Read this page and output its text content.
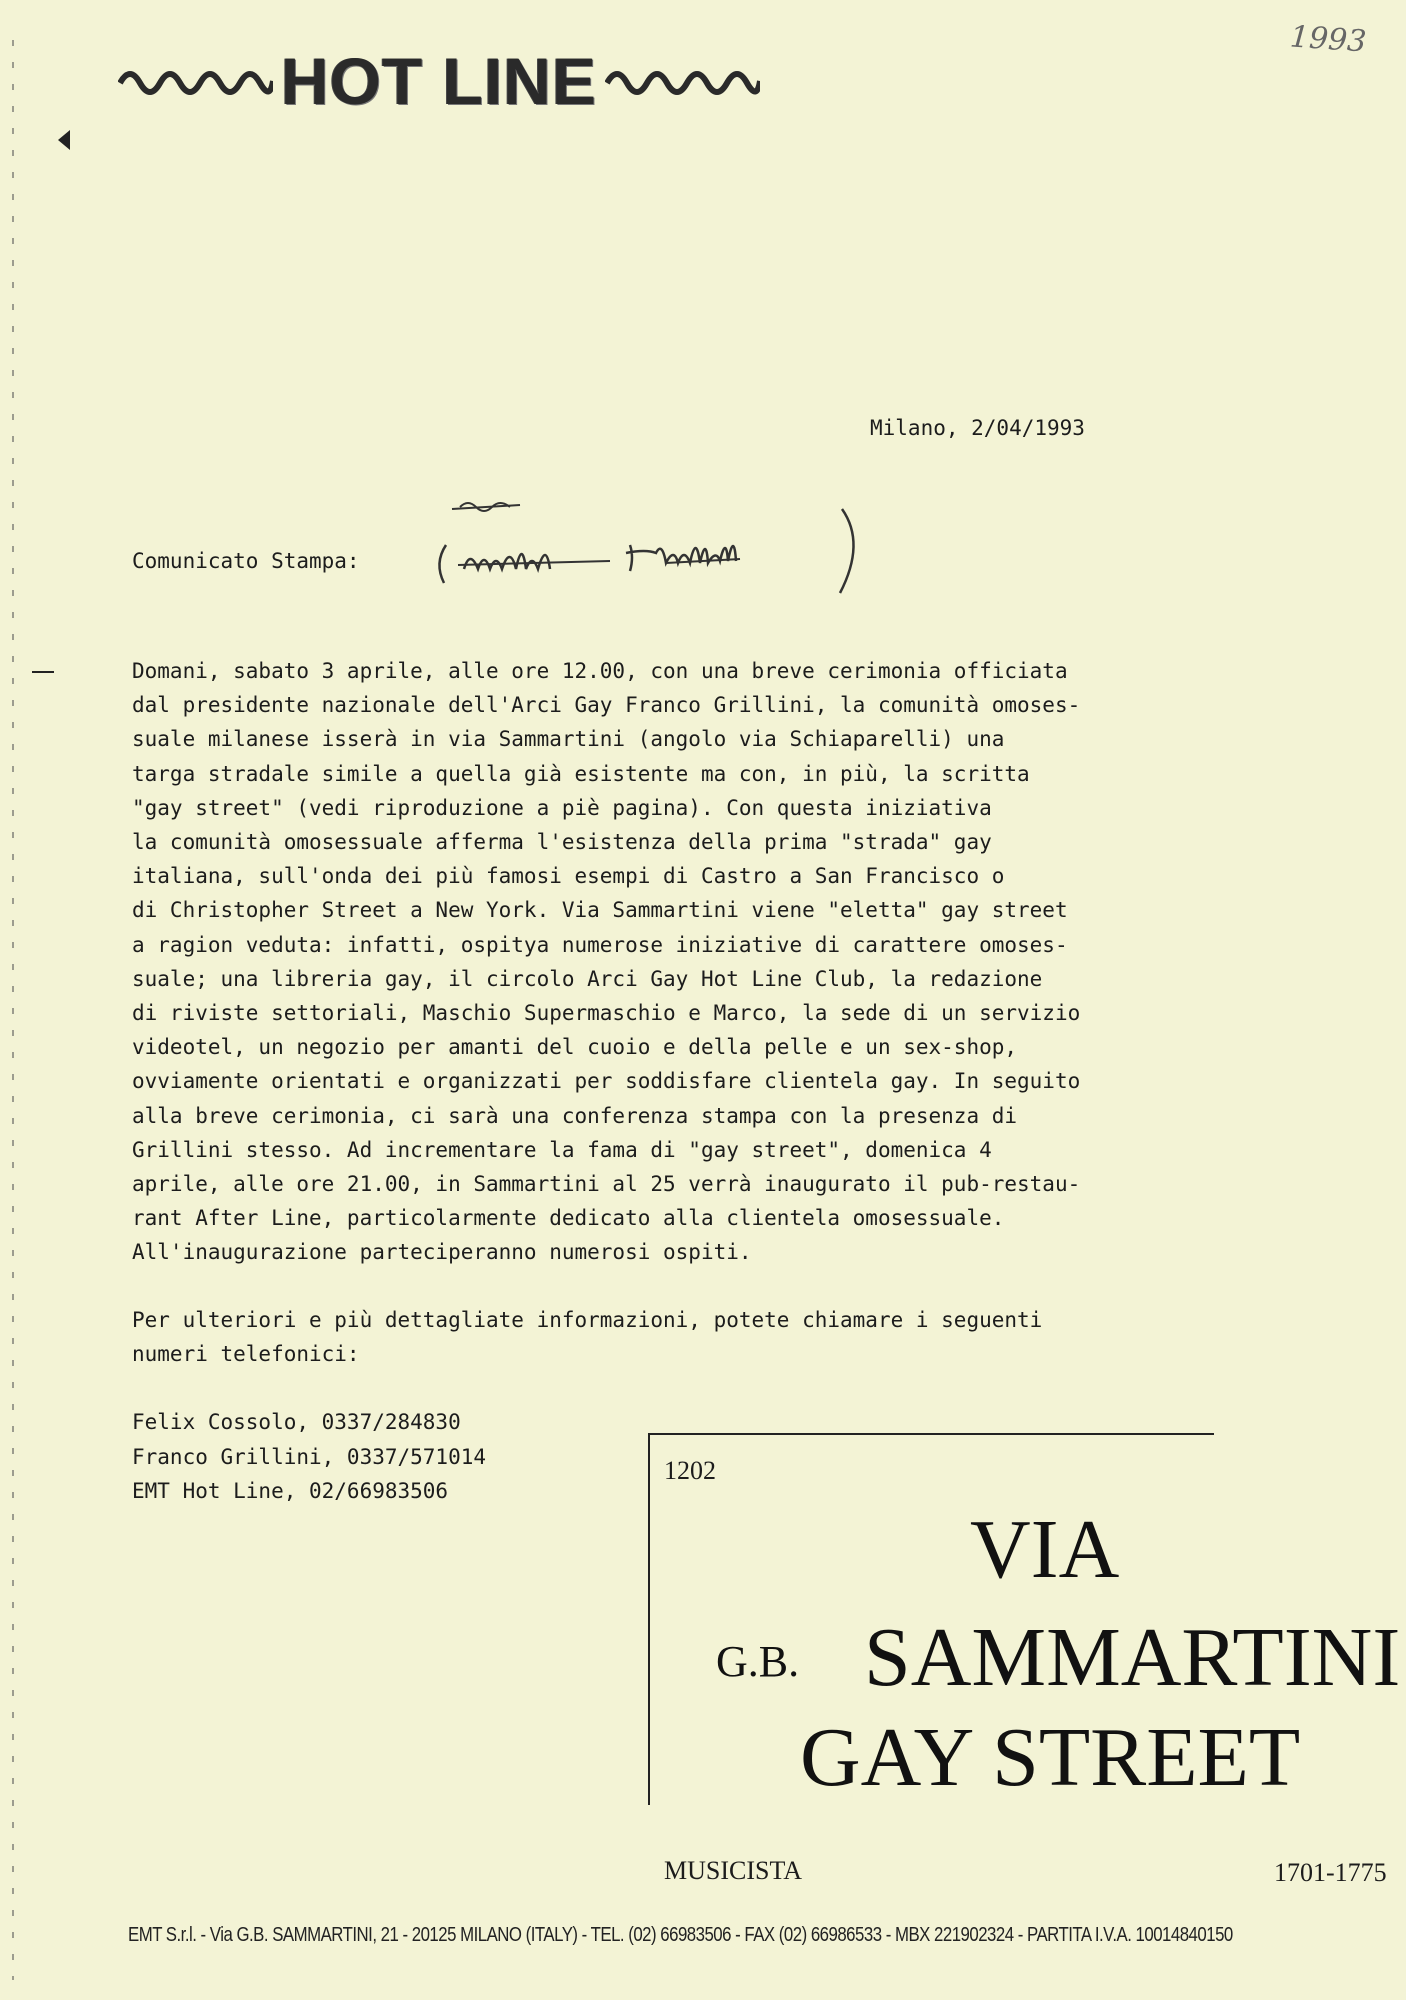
1993
HOT LINE
Milano, 2/04/1993
Comunicato Stampa:
Domani, sabato 3 aprile, alle ore 12.00, con una breve cerimonia officiata
dal presidente nazionale dell'Arci Gay Franco Grillini, la comunità omoses-
suale milanese isserà in via Sammartini (angolo via Schiaparelli) una
targa stradale simile a quella già esistente ma con, in più, la scritta
"gay street" (vedi riproduzione a piè pagina). Con questa iniziativa
la comunità omosessuale afferma l'esistenza della prima "strada" gay
italiana, sull'onda dei più famosi esempi di Castro a San Francisco o
di Christopher Street a New York. Via Sammartini viene "eletta" gay street
a ragion veduta: infatti, ospitya numerose iniziative di carattere omoses-
suale; una libreria gay, il circolo Arci Gay Hot Line Club, la redazione
di riviste settoriali, Maschio Supermaschio e Marco, la sede di un servizio
videotel, un negozio per amanti del cuoio e della pelle e un sex-shop,
ovviamente orientati e organizzati per soddisfare clientela gay. In seguito
alla breve cerimonia, ci sarà una conferenza stampa con la presenza di
Grillini stesso. Ad incrementare la fama di "gay street", domenica 4
aprile, alle ore 21.00, in Sammartini al 25 verrà inaugurato il pub-restau-
rant After Line, particolarmente dedicato alla clientela omosessuale.
All'inaugurazione parteciperanno numerosi ospiti.
Per ulteriori e più dettagliate informazioni, potete chiamare i seguenti
numeri telefonici:
Felix Cossolo, 0337/284830
Franco Grillini, 0337/571014
EMT Hot Line, 02/66983506
1202
VIA
G.B. SAMMARTINI
GAY STREET
MUSICISTA	1701-1775
EMT S.r.l. - Via G.B. SAMMARTINI, 21 - 20125 MILANO (ITALY) - TEL. (02) 66983506 - FAX (02) 66986533 - MBX 221902324 - PARTITA I.V.A. 10014840150
